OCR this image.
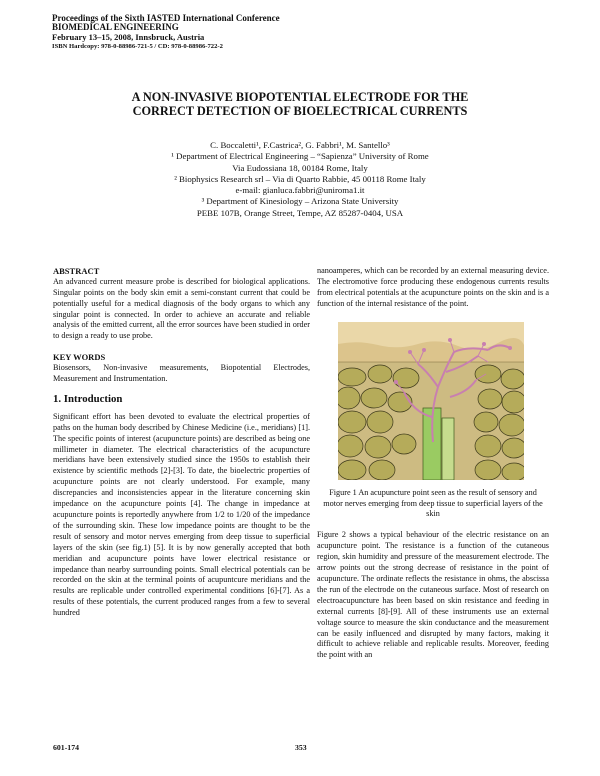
Proceedings of the Sixth IASTED International Conference
BIOMEDICAL ENGINEERING
February 13–15, 2008, Innsbruck, Austria
ISBN Hardcopy: 978-0-88986-721-5 / CD: 978-0-88986-722-2
A NON-INVASIVE BIOPOTENTIAL ELECTRODE FOR THE
CORRECT DETECTION OF BIOELECTRICAL CURRENTS
C. Boccaletti¹, F.Castrica², G. Fabbri¹, M. Santello³
¹ Department of Electrical Engineering – “Sapienza” University of Rome
Via Eudossiana 18, 00184 Rome, Italy
² Biophysics Research srl – Via di Quarto Rabbie, 45 00118 Rome Italy
e-mail: gianluca.fabbri@uniroma1.it
³ Department of Kinesiology – Arizona State University
PEBE 107B, Orange Street, Tempe, AZ 85287-0404, USA
ABSTRACT

An advanced current measure probe is described for biological applications. Singular points on the body skin emit a semi-constant current that could be potentially useful for a medical diagnosis of the body organs to which any singular point is connected. In order to achieve an accurate and reliable analysis of the emitted current, all the error sources have been studied in order to design a ready to use probe.

KEY WORDS

Biosensors, Non-invasive measurements, Biopotential Electrodes, Measurement and Instrumentation.

1. Introduction

Significant effort has been devoted to evaluate the electrical properties of paths on the human body described by Chinese Medicine (i.e., meridians) [1]. The specific points of interest (acupuncture points) are described as being one millimeter in diameter. The electrical characteristics of the acupuncture meridians have been extensively studied since the 1950s to establish their existence by scientific methods [2]-[3]. To date, the bioelectric properties of acupuncture points are not clearly understood. For example, many discrepancies and inconsistencies appear in the literature concerning skin impedance on the acupuncture points [4]. The change in impedance at acupuncture points is reportedly anywhere from 1/2 to 1/20 of the impedance of the surrounding skin. These low impedance points are thought to be the result of sensory and motor nerves emerging from deep tissue to superficial layers of the skin (see fig.1) [5]. It is by now generally accepted that both meridian and acupuncture points have lower electrical resistance or impedance than nearby surrounding points. Small electrical potentials can be recorded on the skin at the terminal points of acupuntcure meridians and the results are replicable under controlled experimental conditions [6]-[7]. As a results of these potentials, the current produced ranges from a few to several hundred

nanoamperes, which can be recorded by an external measuring device. The electromotive force producing these endogenous currents results from electrical potentials at the acupuncture points on the skin and is a function of the internal resistance of the point.

Figure 1 An acupuncture point seen as the result of sensory and motor nerves emerging from deep tissue to superficial layers of the skin

Figure 2 shows a typical behaviour of the electric resistance on an acupuncture point. The resistance is a function of the cutaneous region, skin humidity and pressure of the measurement electrode. The arrow points out the strong decrease of resistance in the point of acupuncture. The ordinate reflects the resistance in ohms, the abscissa the run of the electrode on the cutaneous surface. Most of research on electroacupuncture has been based on skin resistance and feeding in external currents [8]-[9]. All of these instruments use an external voltage source to measure the skin conductance and the measurement can be easily influenced and disrupted by many factors, making it difficult to achieve reliable and replicable results. Moreover, feeding the point with an

601-174	353
